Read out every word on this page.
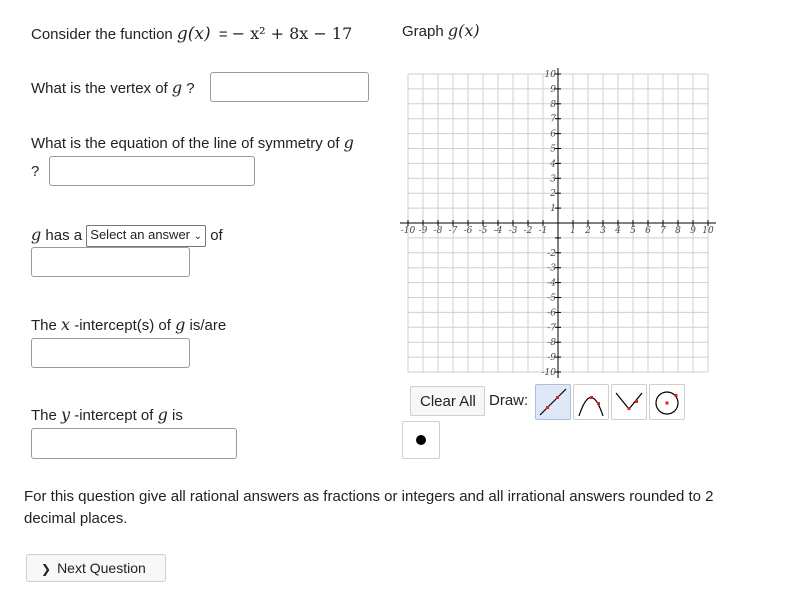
Consider the function g(x) = − x² + 8x − 17	Graph g(x)
What is the vertex of g ?
What is the equation of the line of symmetry of g
?
g has a Select an answer ⌄ of
The x -intercept(s) of g is/are
The y -intercept of g is
-10 -9 -8 -7 -6 -5 -4 -3 -2 -1	1 2 3 4 5 6 7 8 9 10
10
9
8
7
6
5
4
3
2
1
-2
-3
-4
-5
-6
-7
-8
-9
-10
Clear All Draw:
For this question give all rational answers as fractions or integers and all irrational answers rounded to 2 decimal places.
❯ Next Question
